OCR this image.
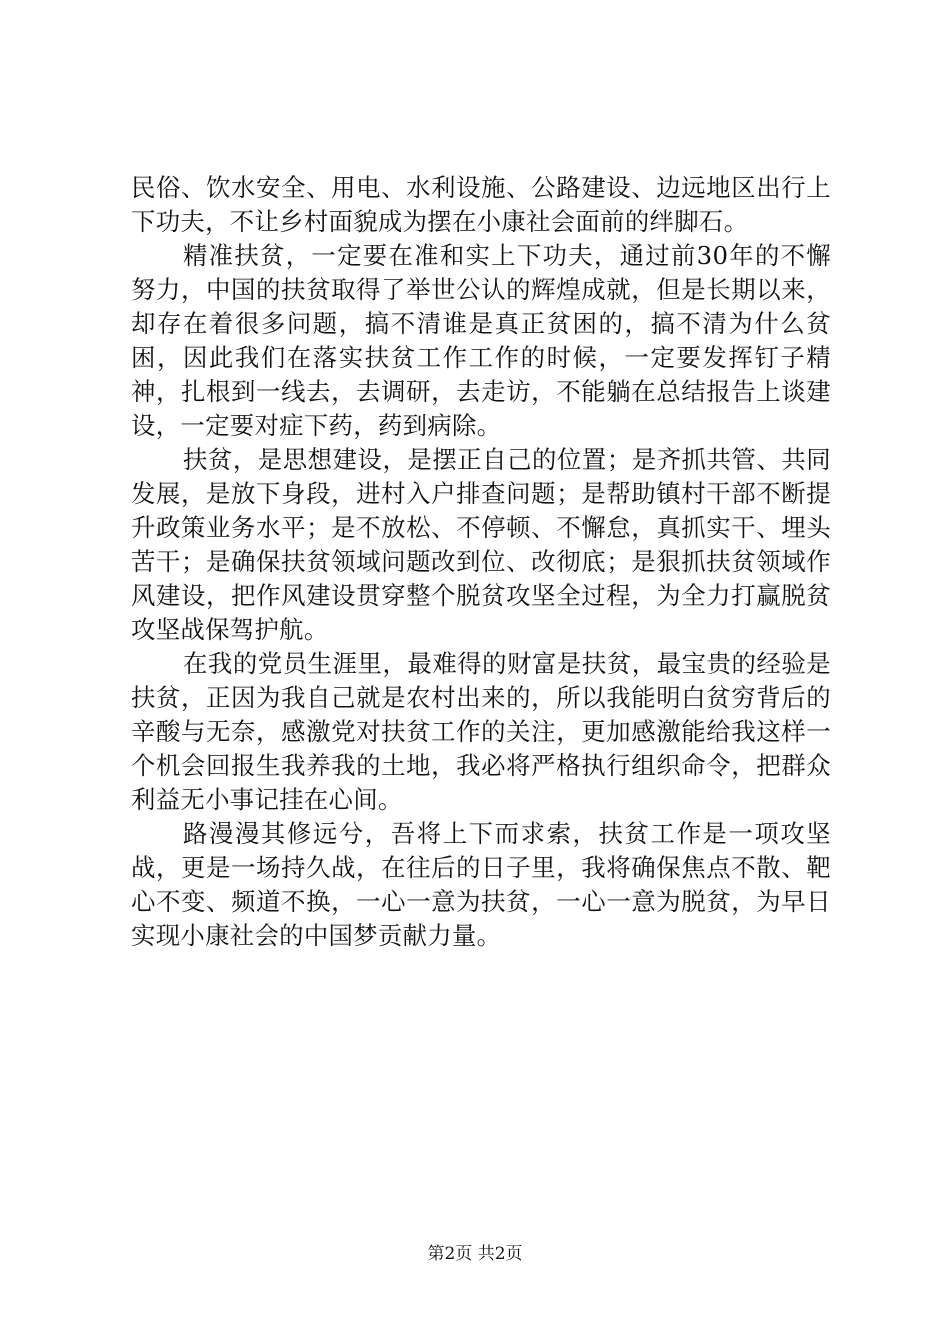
民俗、饮水安全、用电、水利设施、公路建设、边远地区出行上下功夫，不让乡村面貌成为摆在小康社会面前的绊脚石。

精准扶贫，一定要在准和实上下功夫，通过前30年的不懈努力，中国的扶贫取得了举世公认的辉煌成就，但是长期以来，却存在着很多问题，搞不清谁是真正贫困的，搞不清为什么贫困，因此我们在落实扶贫工作工作的时候，一定要发挥钉子精神，扎根到一线去，去调研，去走访，不能躺在总结报告上谈建设，一定要对症下药，药到病除。

扶贫，是思想建设，是摆正自己的位置；是齐抓共管、共同发展，是放下身段，进村入户排查问题；是帮助镇村干部不断提升政策业务水平；是不放松、不停顿、不懈怠，真抓实干、埋头苦干；是确保扶贫领域问题改到位、改彻底；是狠抓扶贫领域作风建设，把作风建设贯穿整个脱贫攻坚全过程，为全力打赢脱贫攻坚战保驾护航。

在我的党员生涯里，最难得的财富是扶贫，最宝贵的经验是扶贫，正因为我自己就是农村出来的，所以我能明白贫穷背后的辛酸与无奈，感激党对扶贫工作的关注，更加感激能给我这样一个机会回报生我养我的土地，我必将严格执行组织命令，把群众利益无小事记挂在心间。

路漫漫其修远兮，吾将上下而求索，扶贫工作是一项攻坚战，更是一场持久战，在往后的日子里，我将确保焦点不散、靶心不变、频道不换，一心一意为扶贫，一心一意为脱贫，为早日实现小康社会的中国梦贡献力量。

第2页 共2页
